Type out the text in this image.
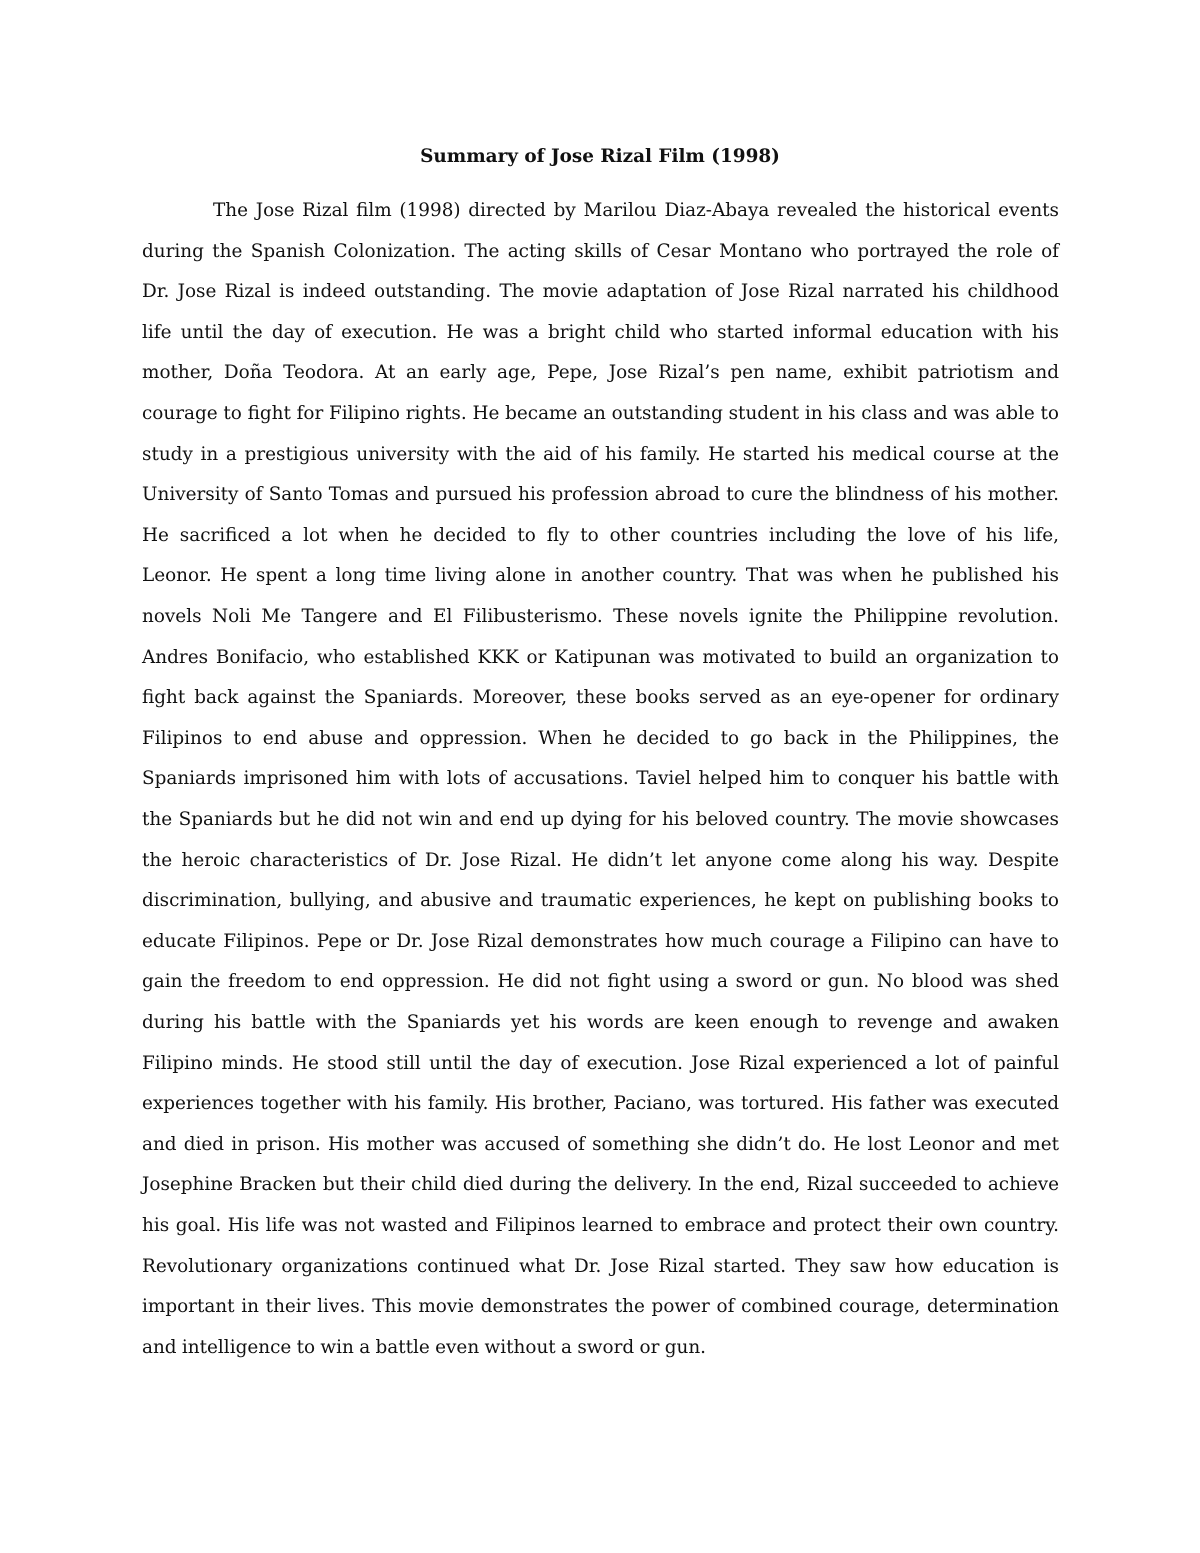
Summary of Jose Rizal Film (1998)
The Jose Rizal film (1998) directed by Marilou Diaz-Abaya revealed the historical events
during the Spanish Colonization. The acting skills of Cesar Montano who portrayed the role of
Dr. Jose Rizal is indeed outstanding. The movie adaptation of Jose Rizal narrated his childhood
life until the day of execution. He was a bright child who started informal education with his
mother, Doña Teodora. At an early age, Pepe, Jose Rizal’s pen name, exhibit patriotism and
courage to fight for Filipino rights. He became an outstanding student in his class and was able to
study in a prestigious university with the aid of his family. He started his medical course at the
University of Santo Tomas and pursued his profession abroad to cure the blindness of his mother.
He sacrificed a lot when he decided to fly to other countries including the love of his life,
Leonor. He spent a long time living alone in another country. That was when he published his
novels Noli Me Tangere and El Filibusterismo. These novels ignite the Philippine revolution.
Andres Bonifacio, who established KKK or Katipunan was motivated to build an organization to
fight back against the Spaniards. Moreover, these books served as an eye-opener for ordinary
Filipinos to end abuse and oppression. When he decided to go back in the Philippines, the
Spaniards imprisoned him with lots of accusations. Taviel helped him to conquer his battle with
the Spaniards but he did not win and end up dying for his beloved country. The movie showcases
the heroic characteristics of Dr. Jose Rizal. He didn’t let anyone come along his way. Despite
discrimination, bullying, and abusive and traumatic experiences, he kept on publishing books to
educate Filipinos. Pepe or Dr. Jose Rizal demonstrates how much courage a Filipino can have to
gain the freedom to end oppression. He did not fight using a sword or gun. No blood was shed
during his battle with the Spaniards yet his words are keen enough to revenge and awaken
Filipino minds. He stood still until the day of execution. Jose Rizal experienced a lot of painful
experiences together with his family. His brother, Paciano, was tortured. His father was executed
and died in prison. His mother was accused of something she didn’t do. He lost Leonor and met
Josephine Bracken but their child died during the delivery. In the end, Rizal succeeded to achieve
his goal. His life was not wasted and Filipinos learned to embrace and protect their own country.
Revolutionary organizations continued what Dr. Jose Rizal started. They saw how education is
important in their lives. This movie demonstrates the power of combined courage, determination
and intelligence to win a battle even without a sword or gun.
